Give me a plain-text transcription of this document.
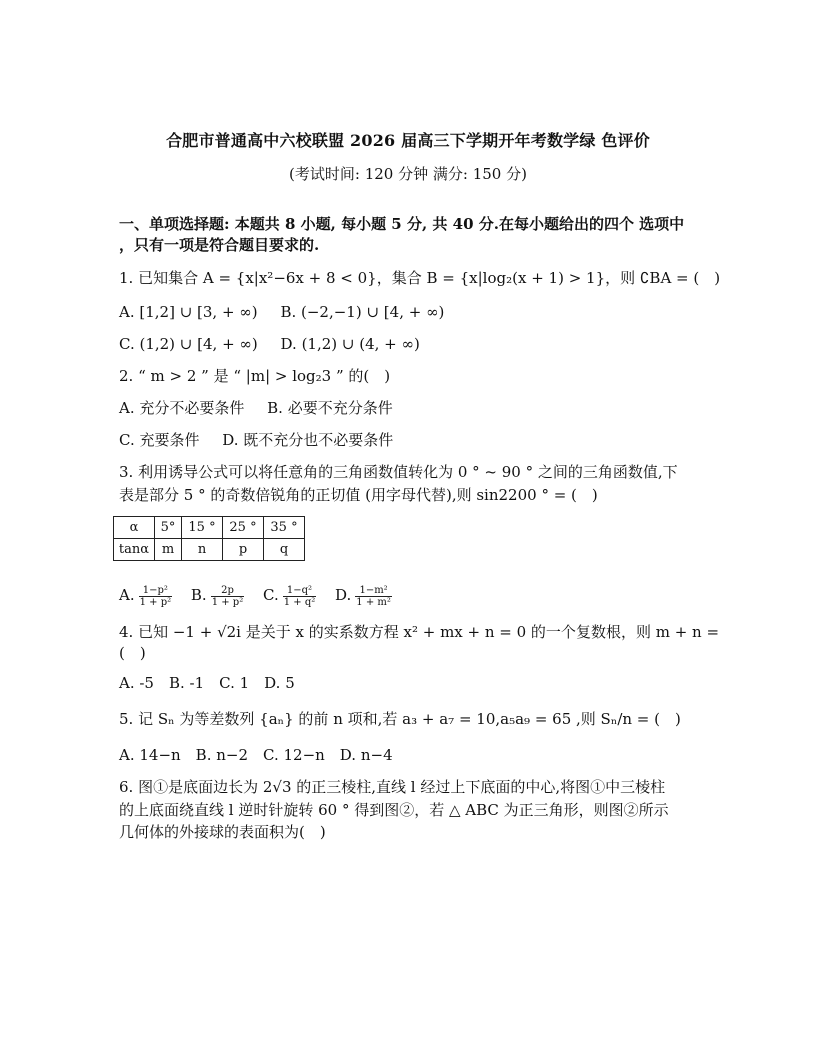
合肥市普通高中六校联盟 2026 届高三下学期开年考数学绿 色评价
(考试时间: 120 分钟 满分: 150 分)
一、单项选择题: 本题共 8 小题, 每小题 5 分, 共 40 分.在每小题给出的四个 选项中
，只有一项是符合题目要求的.
1. 已知集合 A = {x|x²−6x + 8 < 0}，集合 B = {x|log₂(x + 1) > 1}，则 ∁BA = (　)
A. [1,2] ∪ [3, + ∞) B. (−2,−1) ∪ [4, + ∞)
C. (1,2) ∪ [4, + ∞) D. (1,2) ∪ (4, + ∞)
2. “ m > 2 ” 是 “ |m| > log₂3 ” 的(　)
A. 充分不必要条件 B. 必要不充分条件
C. 充要条件 D. 既不充分也不必要条件
3. 利用诱导公式可以将任意角的三角函数值转化为 0 ° ~ 90 ° 之间的三角函数值,下
表是部分 5 ° 的奇数倍锐角的正切值 (用字母代替),则 sin2200 ° = (　)
α	5°	15 °	25 °	35 °
tanα	m	n	p	q
A. $\frac{\text{1−p²}}{\text{1 + p²}} B$. $\frac{2p}{\text{1 + p²}} C$. $\frac{\text{1−q²}}{\text{1 + q²}} D$. $\frac{\text{1−m²}}{\text{1 + m²}}$
4. 已知 −1 + √2i 是关于 x 的实系数方程 x² + mx + n = 0 的一个复数根，则 m + n =
(　)
A. -5　B. -1　C. 1　D. 5
5. 记 Sₙ 为等差数列 {aₙ} 的前 n 项和,若 a₃ + a₇ = 10,a₅a₉ = 65 ,则 Sₙ/n = (　)
A. 14−n　B. n−2　C. 12−n　D. n−4
6. 图①是底面边长为 2√3 的正三棱柱,直线 l 经过上下底面的中心,将图①中三棱柱
的上底面绕直线 l 逆时针旋转 60 ° 得到图②，若 △ ABC 为正三角形，则图②所示
几何体的外接球的表面积为(　)
